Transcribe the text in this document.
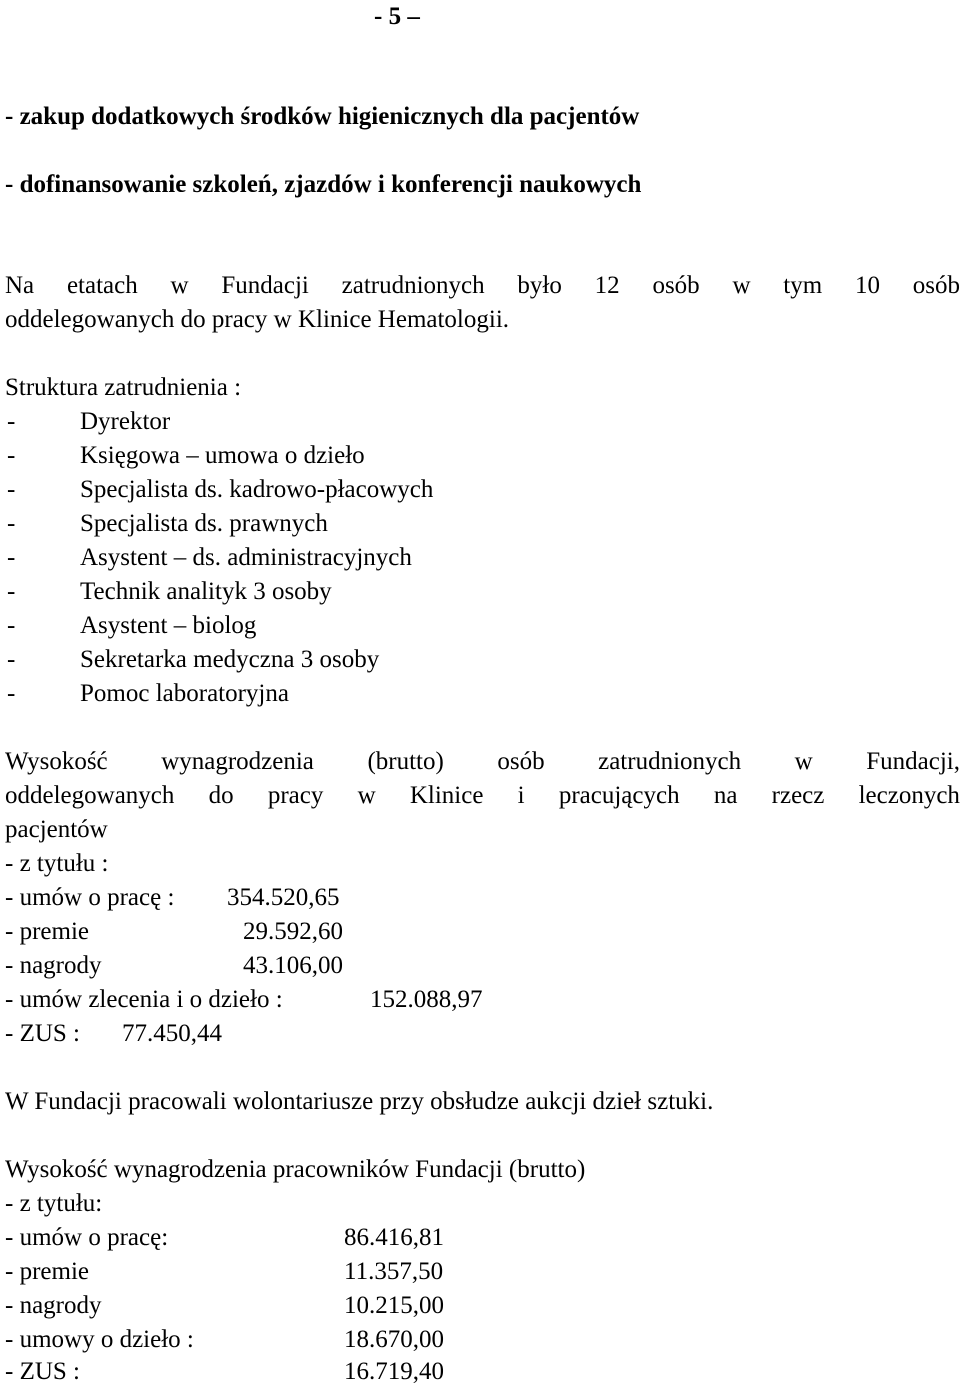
- 5 –
- zakup dodatkowych środków higienicznych dla pacjentów
- dofinansowanie szkoleń, zjazdów i konferencji naukowych
Na etatach w Fundacji zatrudnionych było 12 osób w tym 10 osób
oddelegowanych do pracy w Klinice Hematologii.
Struktura zatrudnienia :
-	Dyrektor
-	Księgowa – umowa o dzieło
-	Specjalista ds. kadrowo-płacowych
-	Specjalista ds. prawnych
-	Asystent – ds. administracyjnych
-	Technik analityk 3 osoby
-	Asystent – biolog
-	Sekretarka medyczna 3 osoby
-	Pomoc laboratoryjna
Wysokość wynagrodzenia (brutto) osób zatrudnionych w Fundacji,
oddelegowanych do pracy w Klinice i pracujących na rzecz leczonych
pacjentów
- z tytułu :
- umów o pracę : 354.520,65
- premie	29.592,60
- nagrody	43.106,00
- umów zlecenia i o dzieło :	152.088,97
- ZUS : 77.450,44
W Fundacji pracowali wolontariusze przy obsłudze aukcji dzieł sztuki.
Wysokość wynagrodzenia pracowników Fundacji (brutto)
- z tytułu:
- umów o pracę:	86.416,81
- premie	11.357,50
- nagrody	10.215,00
- umowy o dzieło :	18.670,00
- ZUS :	16.719,40
